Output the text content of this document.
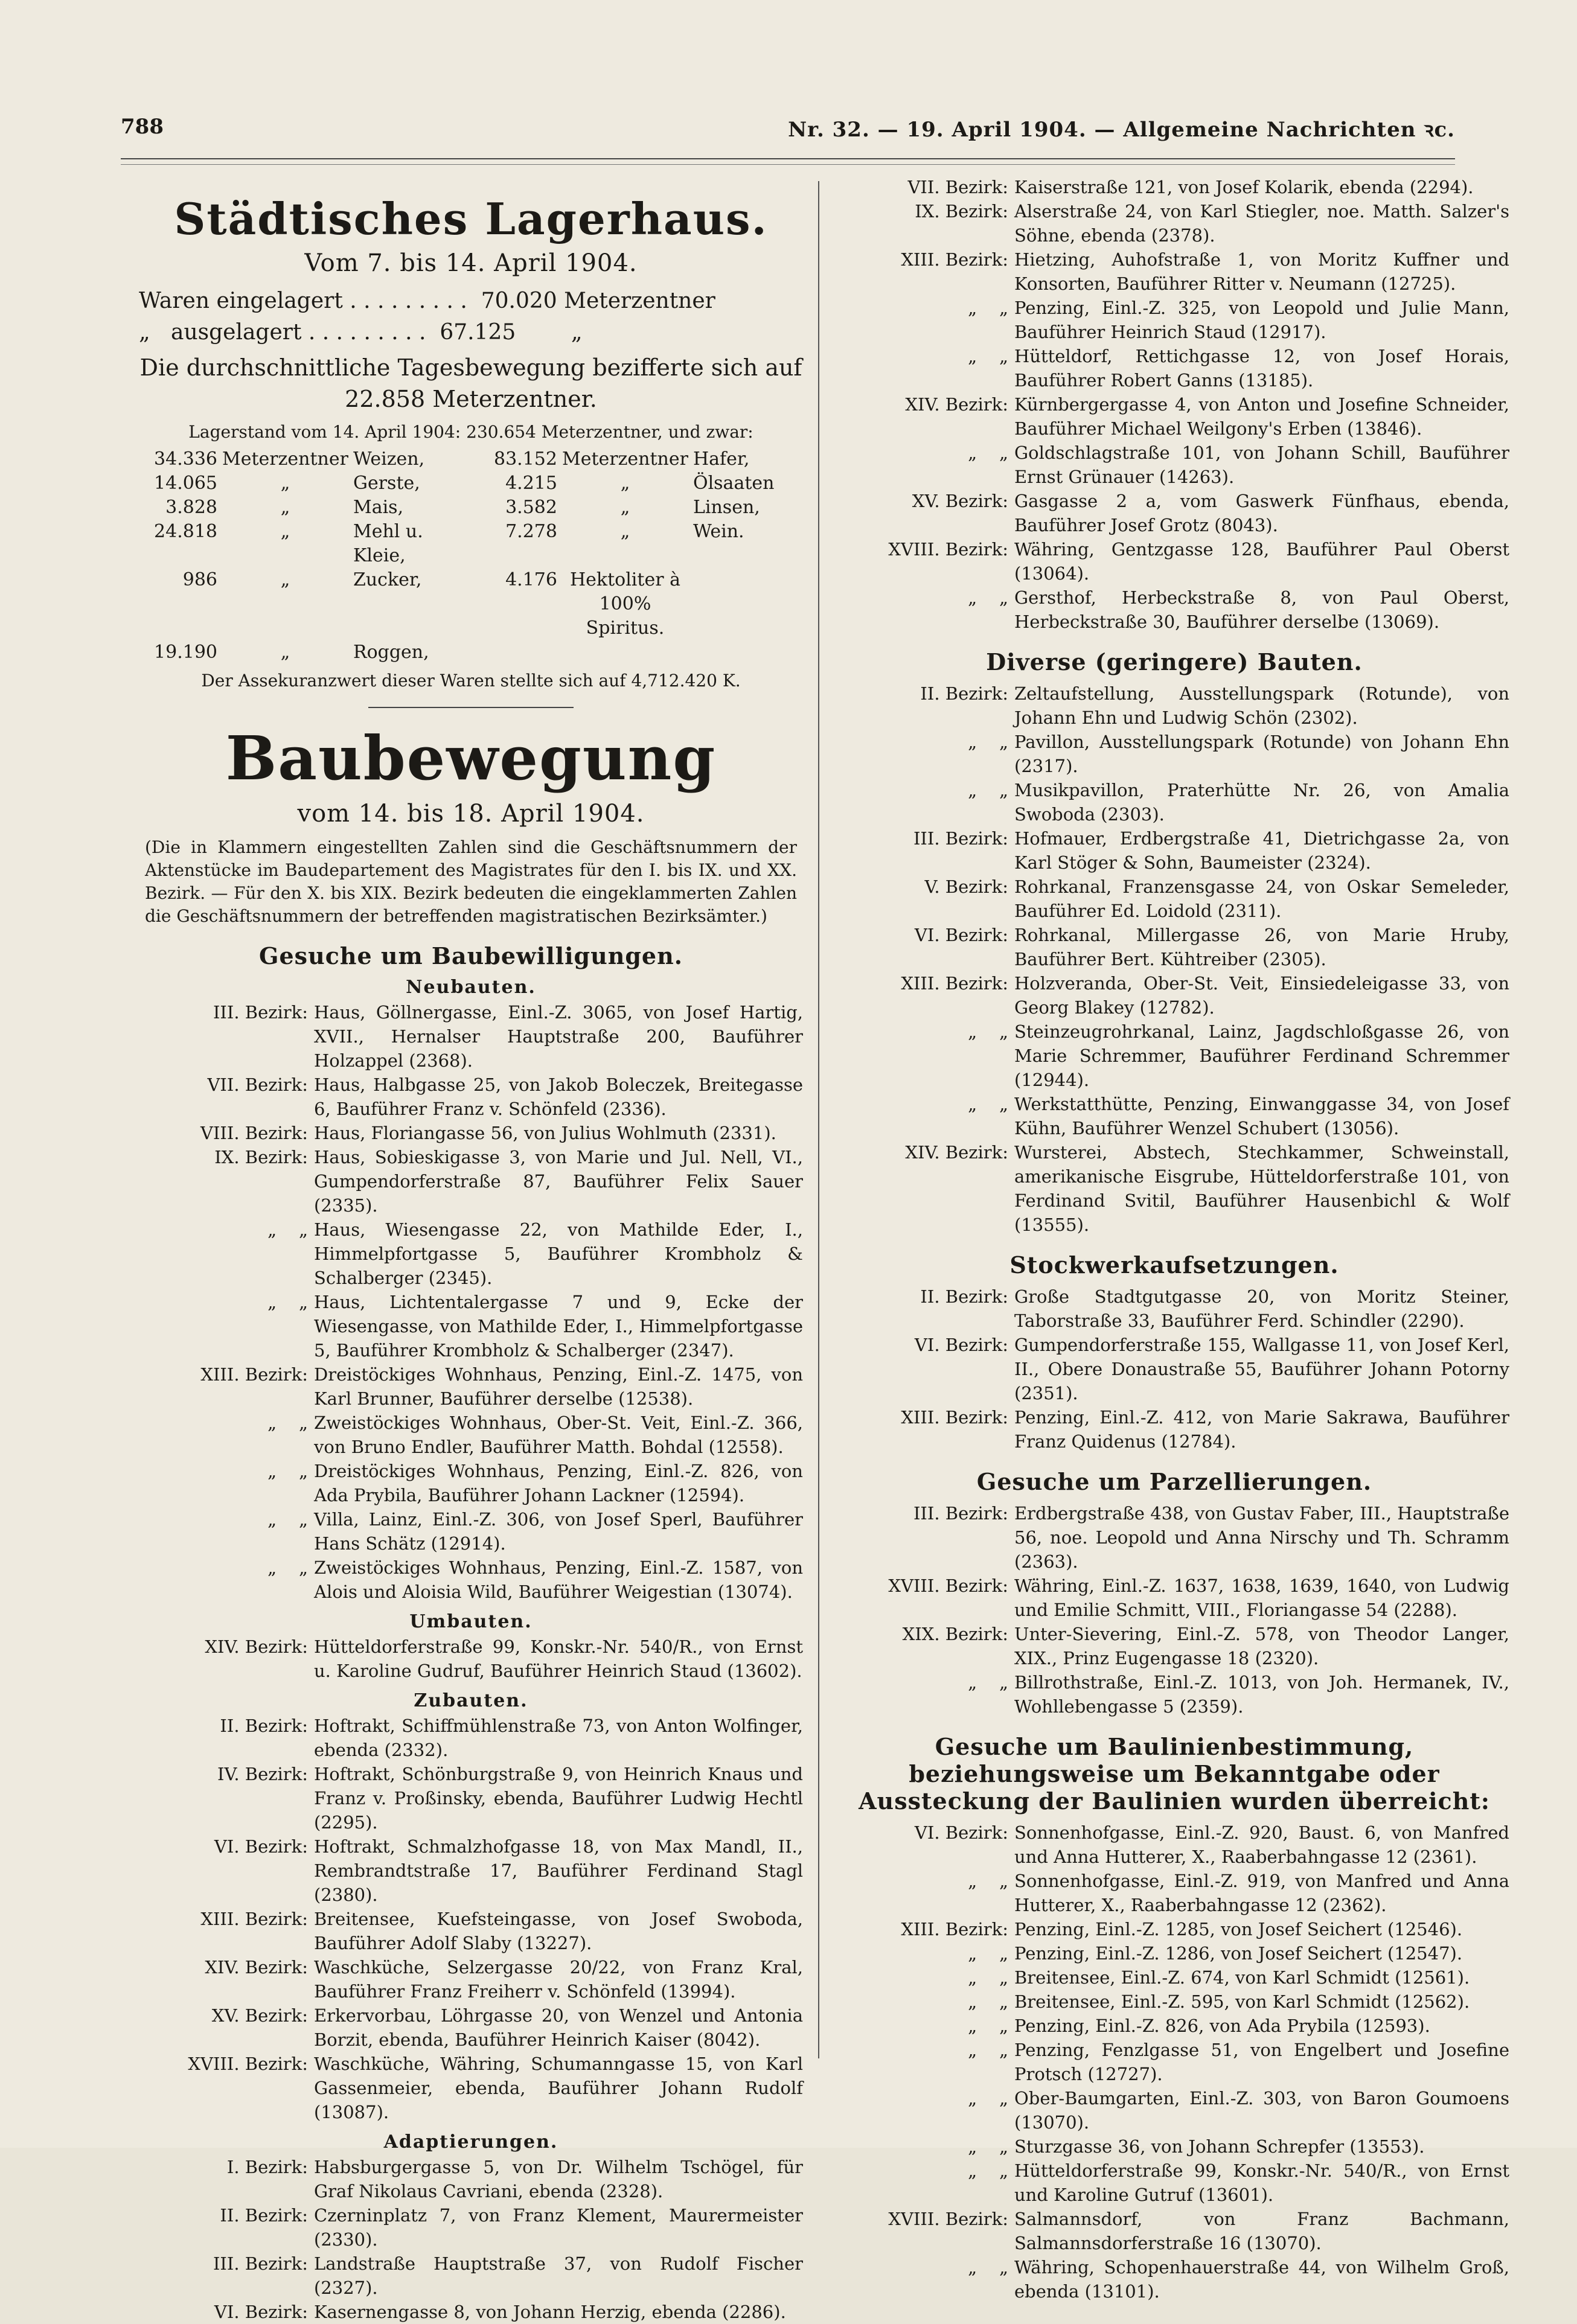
788	Nr. 32. — 19. April 1904. — Allgemeine Nachrichten ꝛc.
Städtisches Lagerhaus.
Vom 7. bis 14. April 1904.
Waren eingelagert . . . . . . . . .  70.020 Meterzentner
„   ausgelagert . . . . . . . . .  67.125        „
Die durchschnittliche Tagesbewegung bezifferte sich auf 22.858 Meterzentner.
Lagerstand vom 14. April 1904: 230.654 Meterzentner, und zwar:
34.336	Meterzentner	Weizen,	83.152	Meterzentner	Hafer,
14.065	„	Gerste,	4.215	„	Ölsaaten
3.828	„	Mais,	3.582	„	Linsen,
24.818	„	Mehl u. Kleie,	7.278	„	Wein.
986	„	Zucker,	4.176	Hektoliter à 100% Spiritus.	
19.190	„	Roggen,			
Der Assekuranzwert dieser Waren stellte sich auf 4,712.420 K.
Baubewegung
vom 14. bis 18. April 1904.
(Die in Klammern eingestellten Zahlen sind die Geschäftsnummern der Aktenstücke im Baudepartement des Magistrates für den I. bis IX. und XX. Bezirk. — Für den X. bis XIX. Bezirk bedeuten die eingeklammerten Zahlen die Geschäftsnummern der betreffenden magistratischen Bezirksämter.)
Gesuche um Baubewilligungen.
Neubauten.
III. Bezirk: Haus, Göllnergasse, Einl.-Z. 3065, von Josef Hartig, XVII., Hernalser Hauptstraße 200, Bauführer Holzappel (2368).
VII. Bezirk: Haus, Halbgasse 25, von Jakob Boleczek, Breitegasse 6, Bauführer Franz v. Schönfeld (2336).
VIII. Bezirk: Haus, Floriangasse 56, von Julius Wohlmuth (2331).
IX. Bezirk: Haus, Sobieskigasse 3, von Marie und Jul. Nell, VI., Gumpendorferstraße 87, Bauführer Felix Sauer (2335).
„    „ Haus, Wiesengasse 22, von Mathilde Eder, I., Himmelpfortgasse 5, Bauführer Krombholz & Schalberger (2345).
„    „ Haus, Lichtentalergasse 7 und 9, Ecke der Wiesengasse, von Mathilde Eder, I., Himmelpfortgasse 5, Bauführer Krombholz & Schalberger (2347).
XIII. Bezirk: Dreistöckiges Wohnhaus, Penzing, Einl.-Z. 1475, von Karl Brunner, Bauführer derselbe (12538).
„    „ Zweistöckiges Wohnhaus, Ober-St. Veit, Einl.-Z. 366, von Bruno Endler, Bauführer Matth. Bohdal (12558).
„    „ Dreistöckiges Wohnhaus, Penzing, Einl.-Z. 826, von Ada Prybila, Bauführer Johann Lackner (12594).
„    „ Villa, Lainz, Einl.-Z. 306, von Josef Sperl, Bauführer Hans Schätz (12914).
„    „ Zweistöckiges Wohnhaus, Penzing, Einl.-Z. 1587, von Alois und Aloisia Wild, Bauführer Weigestian (13074).
Umbauten.
XIV. Bezirk: Hütteldorferstraße 99, Konskr.-Nr. 540/R., von Ernst u. Karoline Gudruf, Bauführer Heinrich Staud (13602).
Zubauten.
II. Bezirk: Hoftrakt, Schiffmühlenstraße 73, von Anton Wolfinger, ebenda (2332).
IV. Bezirk: Hoftrakt, Schönburgstraße 9, von Heinrich Knaus und Franz v. Proßinsky, ebenda, Bauführer Ludwig Hechtl (2295).
VI. Bezirk: Hoftrakt, Schmalzhofgasse 18, von Max Mandl, II., Rembrandtstraße 17, Bauführer Ferdinand Stagl (2380).
XIII. Bezirk: Breitensee, Kuefsteingasse, von Josef Swoboda, Bauführer Adolf Slaby (13227).
XIV. Bezirk: Waschküche, Selzergasse 20/22, von Franz Kral, Bauführer Franz Freiherr v. Schönfeld (13994).
XV. Bezirk: Erkervorbau, Löhrgasse 20, von Wenzel und Antonia Borzit, ebenda, Bauführer Heinrich Kaiser (8042).
XVIII. Bezirk: Waschküche, Währing, Schumanngasse 15, von Karl Gassenmeier, ebenda, Bauführer Johann Rudolf (13087).
Adaptierungen.
I. Bezirk: Habsburgergasse 5, von Dr. Wilhelm Tschögel, für Graf Nikolaus Cavriani, ebenda (2328).
II. Bezirk: Czerninplatz 7, von Franz Klement, Maurermeister (2330).
III. Bezirk: Landstraße Hauptstraße 37, von Rudolf Fischer (2327).
VI. Bezirk: Kasernengasse 8, von Johann Herzig, ebenda (2286).
VII. Bezirk: Kaiserstraße 121, von Josef Kolarik, ebenda (2294).
IX. Bezirk: Alserstraße 24, von Karl Stiegler, noe. Matth. Salzer's Söhne, ebenda (2378).
XIII. Bezirk: Hietzing, Auhofstraße 1, von Moritz Kuffner und Konsorten, Bauführer Ritter v. Neumann (12725).
„    „ Penzing, Einl.-Z. 325, von Leopold und Julie Mann, Bauführer Heinrich Staud (12917).
„    „ Hütteldorf, Rettichgasse 12, von Josef Horais, Bauführer Robert Ganns (13185).
XIV. Bezirk: Kürnbergergasse 4, von Anton und Josefine Schneider, Bauführer Michael Weilgony's Erben (13846).
„    „ Goldschlagstraße 101, von Johann Schill, Bauführer Ernst Grünauer (14263).
XV. Bezirk: Gasgasse 2 a, vom Gaswerk Fünfhaus, ebenda, Bauführer Josef Grotz (8043).
XVIII. Bezirk: Währing, Gentzgasse 128, Bauführer Paul Oberst (13064).
„    „ Gersthof, Herbeckstraße 8, von Paul Oberst, Herbeckstraße 30, Bauführer derselbe (13069).
Diverse (geringere) Bauten.
II. Bezirk: Zeltaufstellung, Ausstellungspark (Rotunde), von Johann Ehn und Ludwig Schön (2302).
„    „ Pavillon, Ausstellungspark (Rotunde) von Johann Ehn (2317).
„    „ Musikpavillon, Praterhütte Nr. 26, von Amalia Swoboda (2303).
III. Bezirk: Hofmauer, Erdbergstraße 41, Dietrichgasse 2a, von Karl Stöger & Sohn, Baumeister (2324).
V. Bezirk: Rohrkanal, Franzensgasse 24, von Oskar Semeleder, Bauführer Ed. Loidold (2311).
VI. Bezirk: Rohrkanal, Millergasse 26, von Marie Hruby, Bauführer Bert. Kühtreiber (2305).
XIII. Bezirk: Holzveranda, Ober-St. Veit, Einsiedeleigasse 33, von Georg Blakey (12782).
„    „ Steinzeugrohrkanal, Lainz, Jagdschloßgasse 26, von Marie Schremmer, Bauführer Ferdinand Schremmer (12944).
„    „ Werkstatthütte, Penzing, Einwanggasse 34, von Josef Kühn, Bauführer Wenzel Schubert (13056).
XIV. Bezirk: Wursterei, Abstech, Stechkammer, Schweinstall, amerikanische Eisgrube, Hütteldorferstraße 101, von Ferdinand Svitil, Bauführer Hausenbichl & Wolf (13555).
Stockwerkaufsetzungen.
II. Bezirk: Große Stadtgutgasse 20, von Moritz Steiner, Taborstraße 33, Bauführer Ferd. Schindler (2290).
VI. Bezirk: Gumpendorferstraße 155, Wallgasse 11, von Josef Kerl, II., Obere Donaustraße 55, Bauführer Johann Potorny (2351).
XIII. Bezirk: Penzing, Einl.-Z. 412, von Marie Sakrawa, Bauführer Franz Quidenus (12784).
Gesuche um Parzellierungen.
III. Bezirk: Erdbergstraße 438, von Gustav Faber, III., Hauptstraße 56, noe. Leopold und Anna Nirschy und Th. Schramm (2363).
XVIII. Bezirk: Währing, Einl.-Z. 1637, 1638, 1639, 1640, von Ludwig und Emilie Schmitt, VIII., Floriangasse 54 (2288).
XIX. Bezirk: Unter-Sievering, Einl.-Z. 578, von Theodor Langer, XIX., Prinz Eugengasse 18 (2320).
„    „ Billrothstraße, Einl.-Z. 1013, von Joh. Hermanek, IV., Wohllebengasse 5 (2359).
Gesuche um Baulinienbestimmung, beziehungsweise um Bekanntgabe oder Aussteckung der Baulinien wurden überreicht:
VI. Bezirk: Sonnenhofgasse, Einl.-Z. 920, Baust. 6, von Manfred und Anna Hutterer, X., Raaberbahngasse 12 (2361).
„    „ Sonnenhofgasse, Einl.-Z. 919, von Manfred und Anna Hutterer, X., Raaberbahngasse 12 (2362).
XIII. Bezirk: Penzing, Einl.-Z. 1285, von Josef Seichert (12546).
„    „ Penzing, Einl.-Z. 1286, von Josef Seichert (12547).
„    „ Breitensee, Einl.-Z. 674, von Karl Schmidt (12561).
„    „ Breitensee, Einl.-Z. 595, von Karl Schmidt (12562).
„    „ Penzing, Einl.-Z. 826, von Ada Prybila (12593).
„    „ Penzing, Fenzlgasse 51, von Engelbert und Josefine Protsch (12727).
„    „ Ober-Baumgarten, Einl.-Z. 303, von Baron Goumoens (13070).
„    „ Sturzgasse 36, von Johann Schrepfer (13553).
„    „ Hütteldorferstraße 99, Konskr.-Nr. 540/R., von Ernst und Karoline Gutruf (13601).
XVIII. Bezirk: Salmannsdorf, von Franz Bachmann, Salmannsdorferstraße 16 (13070).
„    „ Währing, Schopenhauerstraße 44, von Wilhelm Groß, ebenda (13101).
